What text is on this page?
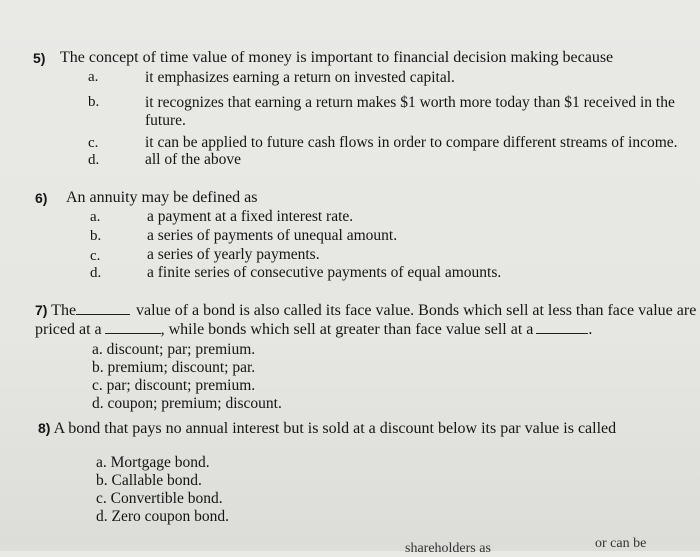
5) The concept of time value of money is important to financial decision making because
a.	it emphasizes earning a return on invested capital.
b.	it recognizes that earning a return makes $1 worth more today than $1 received in the
future.
c.	it can be applied to future cash flows in order to compare different streams of income.
d.	all of the above
6) An annuity may be defined as
a.	a payment at a fixed interest rate.
b.	a series of payments of unequal amount.
c.	a series of yearly payments.
d.	a finite series of consecutive payments of equal amounts.
7) The	value of a bond is also called its face value. Bonds which sell at less than face value are
priced at a	, while bonds which sell at greater than face value sell at a	.
a. discount; par; premium.
b. premium; discount; par.
c. par; discount; premium.
d. coupon; premium; discount.
8) A bond that pays no annual interest but is sold at a discount below its par value is called
a. Mortgage bond.
b. Callable bond.
c. Convertible bond.
d. Zero coupon bond.
shareholders as	or can be
